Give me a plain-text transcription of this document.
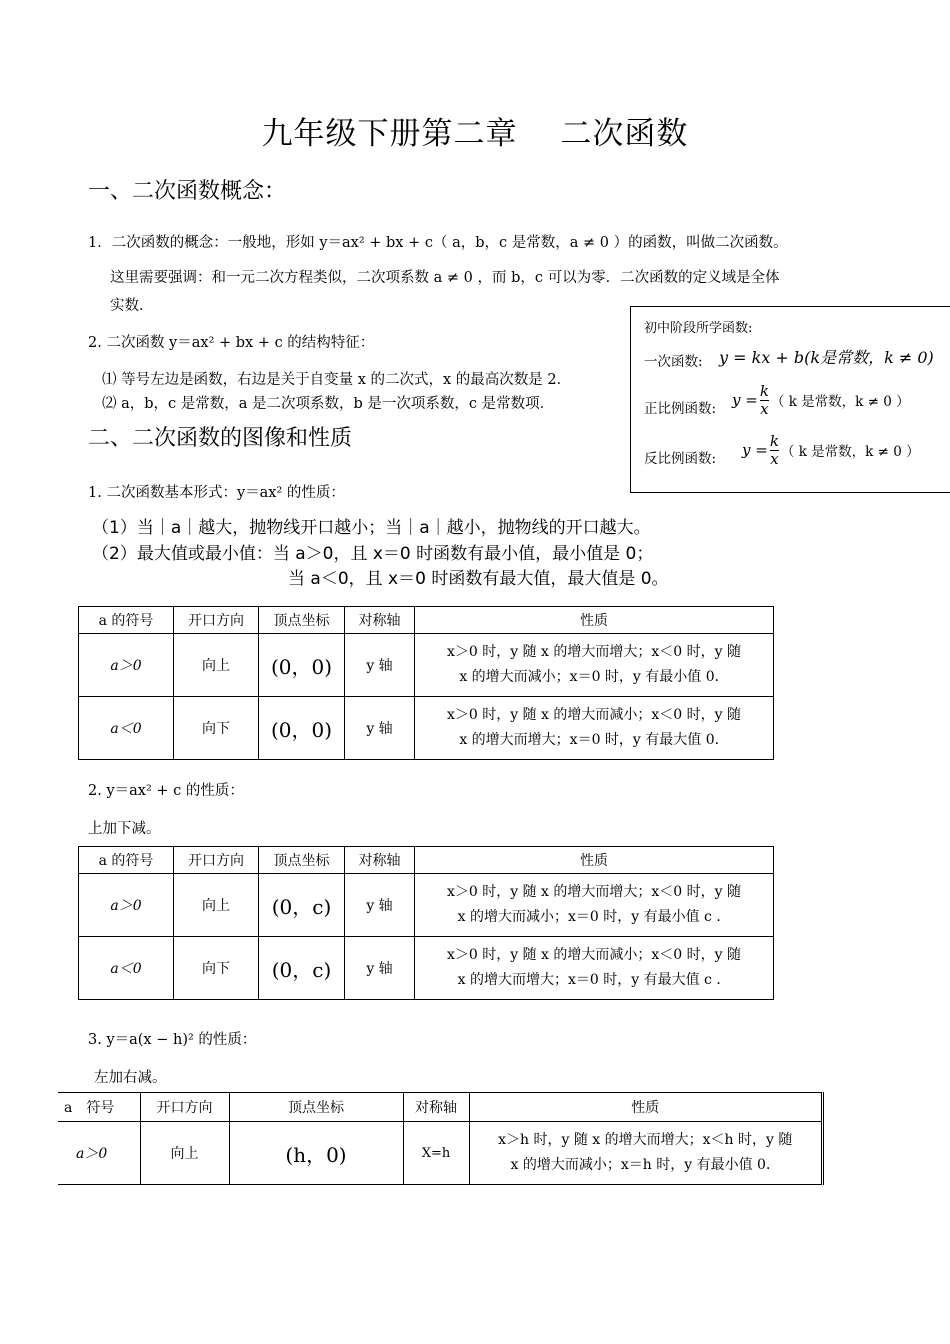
九年级下册第二章　 二次函数
一、二次函数概念：
1．二次函数的概念：一般地，形如 y＝ax² + bx + c（ a，b，c 是常数，a ≠ 0 ）的函数，叫做二次函数。
这里需要强调：和一元二次方程类似，二次项系数 a ≠ 0 ，而 b，c 可以为零．二次函数的定义域是全体
实数．
2. 二次函数 y＝ax² + bx + c 的结构特征：
⑴ 等号左边是函数，右边是关于自变量 x 的二次式，x 的最高次数是 2．
⑵ a，b，c 是常数，a 是二次项系数，b 是一次项系数，c 是常数项．
初中阶段所学函数:
一次函数: y = kx + b(k是常数，k ≠ 0)
正比例函数: $y = \frac{k}{x}$ （ k 是常数，k ≠ 0 ）
反比例函数: $y = \frac{k}{x}$ （ k 是常数，k ≠ 0 ）
二、二次函数的图像和性质
1. 二次函数基本形式：y＝ax² 的性质：
（1）当｜a｜越大，抛物线开口越小；当｜a｜越小，抛物线的开口越大。
（2）最大值或最小值：当 a＞0，且 x＝0 时函数有最小值，最小值是 0；
当 a＜0，且 x＝0 时函数有最大值，最大值是 0。
a 的符号	开口方向	顶点坐标	对称轴	性质
a＞0	向上	(0，0)	y 轴	x＞0 时，y 随 x 的增大而增大；x＜0 时，y 随
x 的增大而减小；x＝0 时，y 有最小值 0．

a＜0	向下	(0，0)	y 轴	x＞0 时，y 随 x 的增大而减小；x＜0 时，y 随
x 的增大而增大；x＝0 时，y 有最大值 0．
2. y＝ax² + c 的性质：
上加下减。
a 的符号	开口方向	顶点坐标	对称轴	性质
a＞0	向上	(0，c)	y 轴	x＞0 时，y 随 x 的增大而增大；x＜0 时，y 随
x 的增大而减小；x＝0 时，y 有最小值 c ．

a＜0	向下	(0，c)	y 轴	x＞0 时，y 随 x 的增大而减小；x＜0 时，y 随
x 的增大而增大；x＝0 时，y 有最大值 c ．
3. y＝a(x − h)² 的性质：
左加右减。
a　符号	开口方向	顶点坐标	对称轴	性质
a＞0	向上	(h，0)	X=h	x＞h 时，y 随 x 的增大而增大；x＜h 时，y 随
x 的增大而减小；x＝h 时，y 有最小值 0．
